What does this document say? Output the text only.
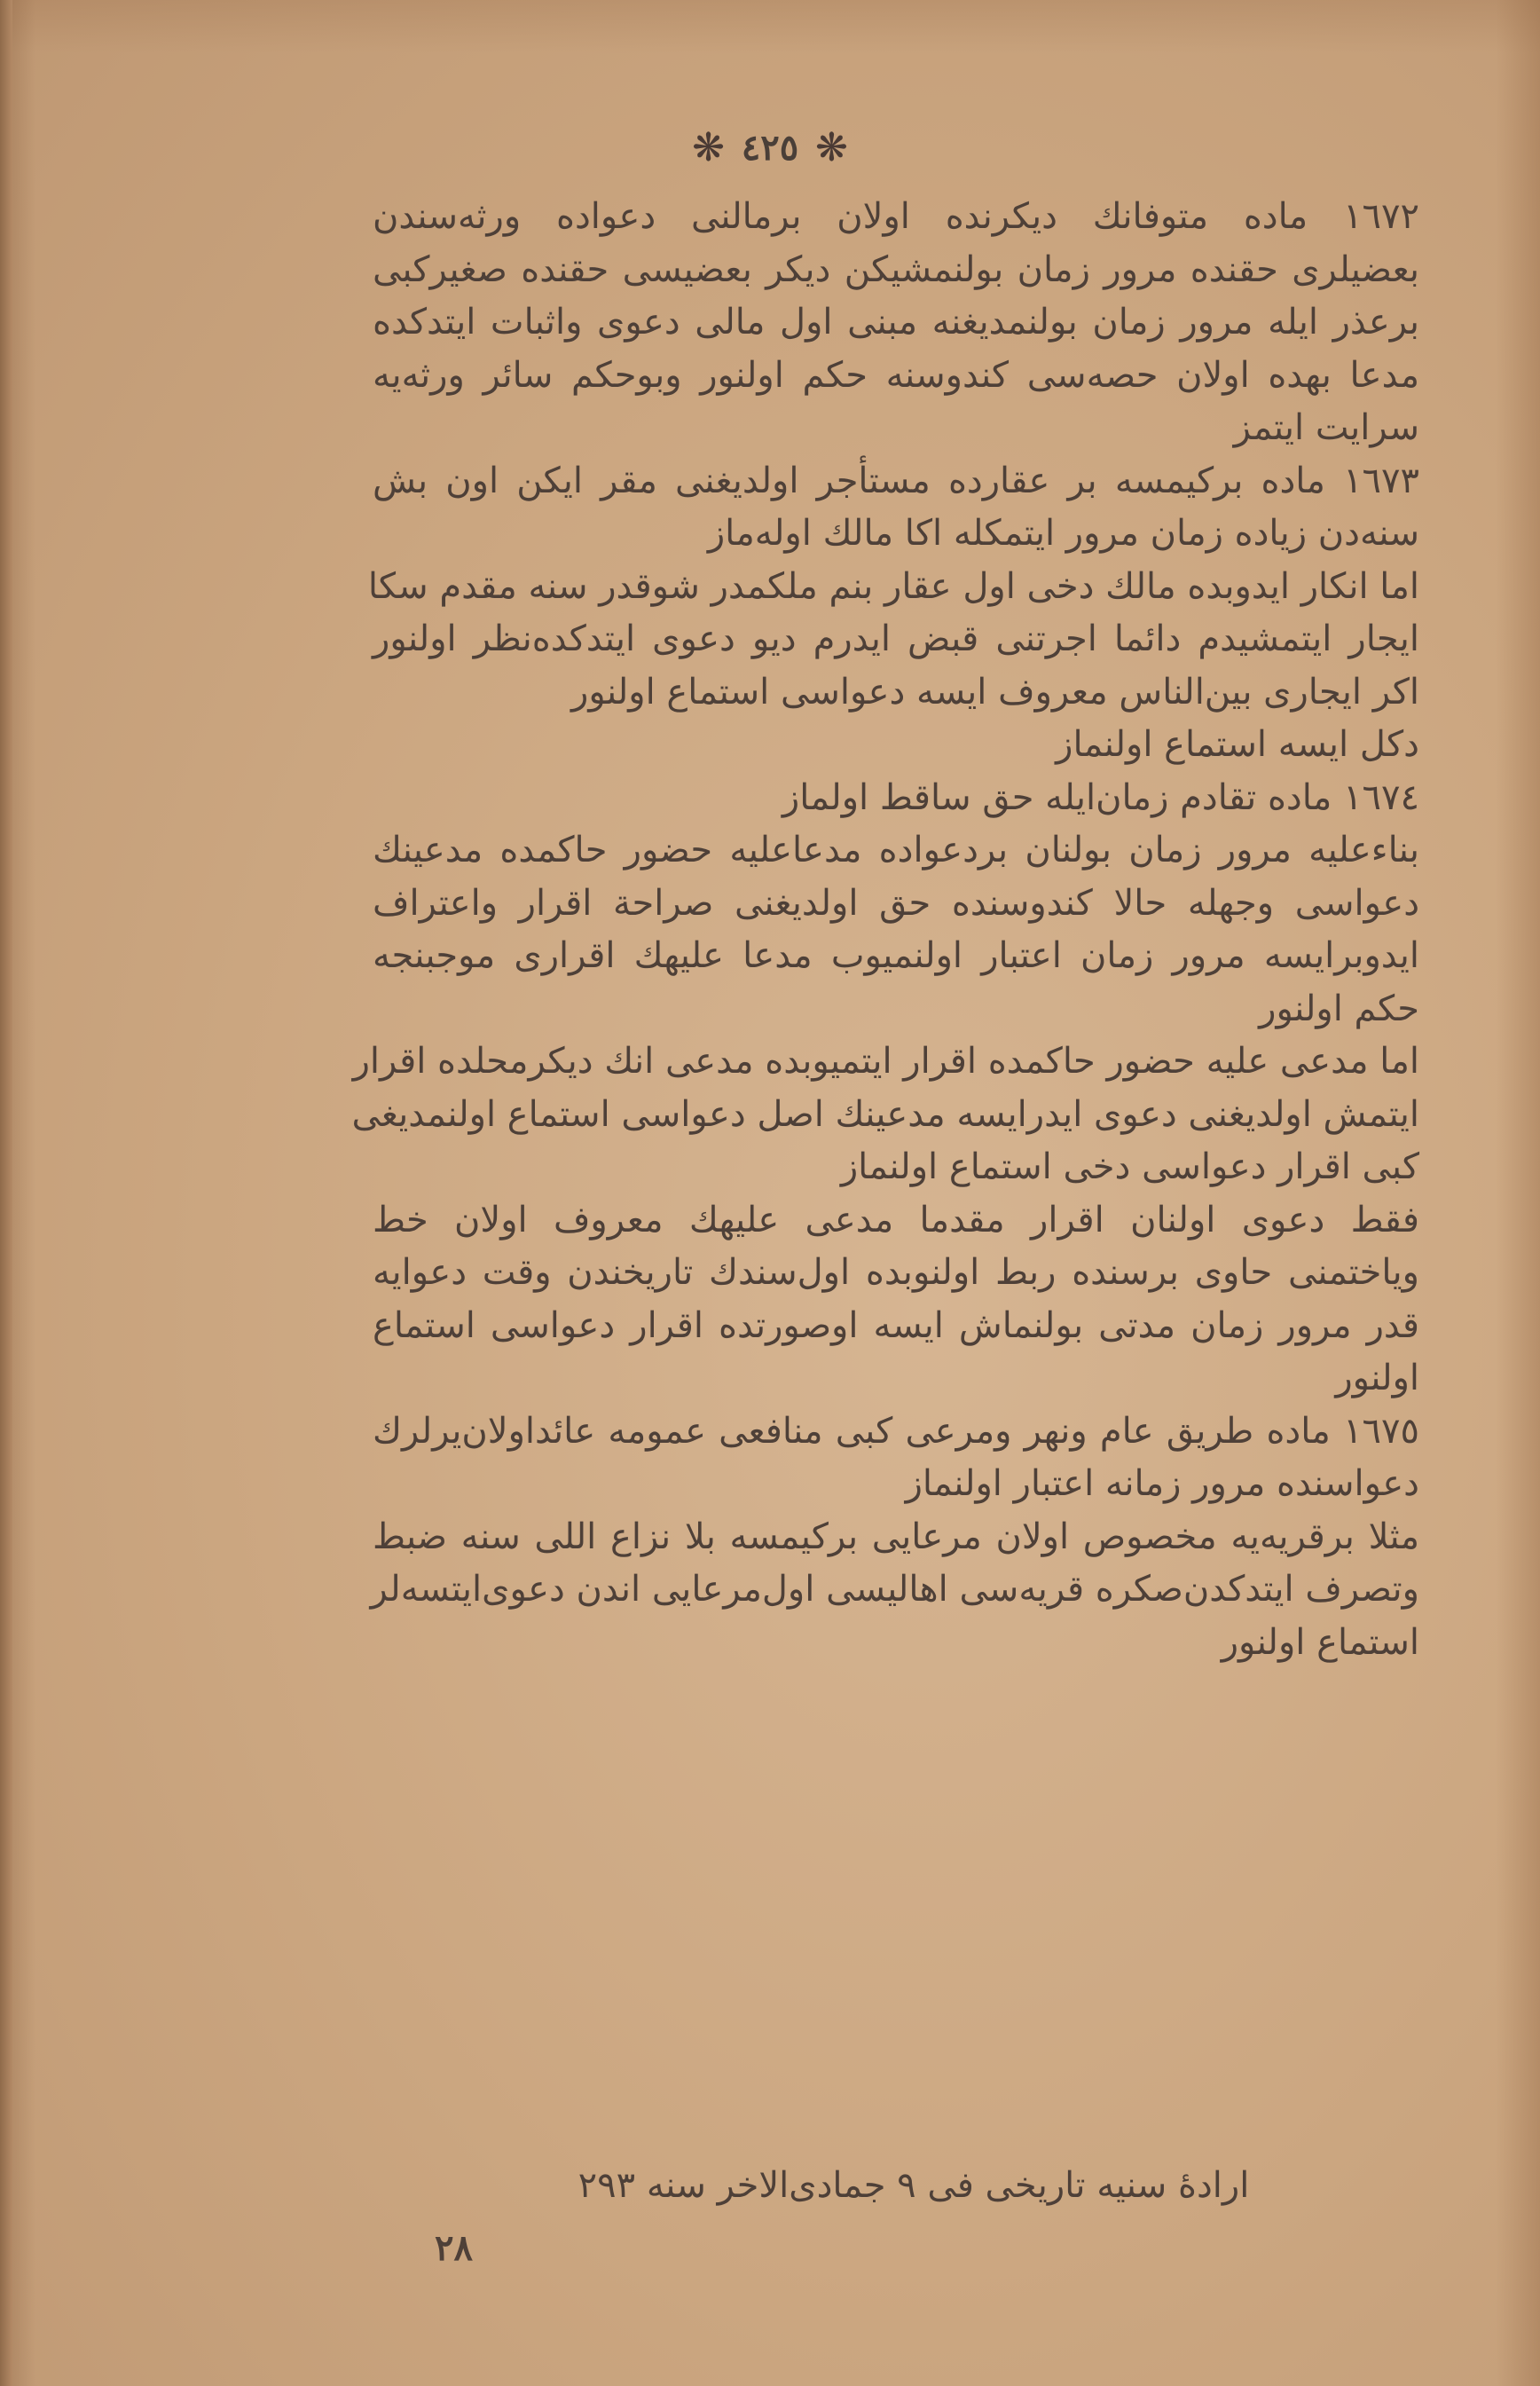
❋ ٤٢٥ ❋
١٦٧٢ ماده متوفانك ديكرنده اولان برمالنى دعواده ورثه‌سندن
بعضيلرى حقنده مرور زمان بولنمشيكن ديكر بعضيسى حقنده صغيركبى
برعذر ايله مرور زمان بولنمديغنه مبنى اول مالى دعوى واثبات ايتدكده
مدعا بهده اولان حصه‌سى كندوسنه حكم اولنور وبوحكم سائر ورثه‌يه
سرايت ايتمز
١٦٧٣ ماده بركيمسه بر عقارده مستأجر اولديغنى مقر ايكن اون بش
سنه‌دن زياده زمان مرور ايتمكله اكا مالك اوله‌ماز
اما انكار ايدوبده مالك دخى اول عقار بنم ملكمدر شوقدر سنه مقدم سكا
ايجار ايتمشيدم دائما اجرتنى قبض ايدرم ديو دعوى ايتدكده‌نظر اولنور
اكر ايجارى بين‌الناس معروف ايسه دعواسى استماع اولنور
دكل ايسه استماع اولنماز
١٦٧٤ ماده تقادم زمان‌ايله حق ساقط اولماز
بناءعليه مرور زمان بولنان بردعواده مدعاعليه حضور حاكمده مدعينك
دعواسى وجهله حالا كندوسنده حق اولديغنى صراحة اقرار واعتراف
ايدوبرايسه مرور زمان اعتبار اولنميوب مدعا عليهك اقرارى موجبنجه
حكم اولنور
اما مدعى عليه حضور حاكمده اقرار ايتميوبده مدعى انك ديكرمحلده اقرار
ايتمش اولديغنى دعوى ايدرايسه مدعينك اصل دعواسى استماع اولنمديغى
كبى اقرار دعواسى دخى استماع اولنماز
فقط دعوى اولنان اقرار مقدما مدعى عليهك معروف اولان خط
وياختمنى حاوى برسنده ربط اولنوبده اول‌سندك تاريخندن وقت دعوايه
قدر مرور زمان مدتى بولنماش ايسه اوصورتده اقرار دعواسى استماع
اولنور
١٦٧٥ ماده طريق عام ونهر ومرعى كبى منافعى عمومه عائداولان‌يرلرك
دعواسنده مرور زمانه اعتبار اولنماز
مثلا برقريه‌يه مخصوص اولان مرعايى بركيمسه بلا نزاع اللى سنه ضبط
وتصرف ايتدكدن‌صكره قريه‌سى اهاليسى اول‌مرعايى اندن دعوى‌ايتسه‌لر
استماع اولنور
ارادهٔ سنيه تاريخى فى ٩ جمادى‌الاخر سنه ٢٩٣
٢٨
